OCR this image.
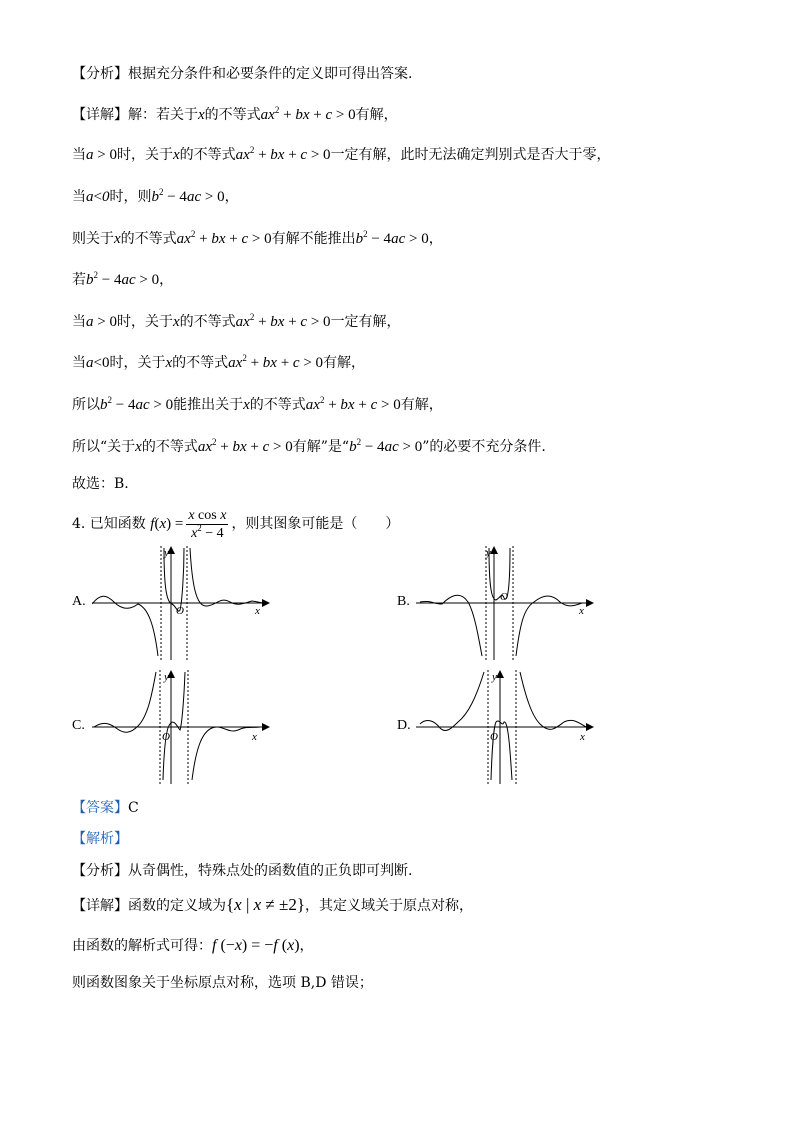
【分析】根据充分条件和必要条件的定义即可得出答案.
【详解】解：若关于x的不等式$ax^2$ + bx + c > 0有解，
当a > 0时，关于x的不等式$ax^2$ + bx + c > 0一定有解，此时无法确定判别式是否大于零，
当a<0时，则$b^2 - 4ac > 0$，
则关于x的不等式$ax^2$ + bx + c > 0有解不能推出$b^2 - 4ac > 0$，
若$b^2 - 4ac > 0$，
当a > 0时，关于x的不等式$ax^2$ + bx + c > 0一定有解，
当a<0时，关于x的不等式$ax^2$ + bx + c > 0有解，
所以$b^2 - 4ac > 0$能推出关于x的不等式$ax^2$ + bx + c > 0有解，
所以“关于x的不等式$ax^2$ + bx + c > 0有解”是“$b^2 - 4ac > 0$”的必要不充分条件.
故选：B.
4. 已知函数 $f(x) = \frac{\text{x cos x}}{x^2 - 4}$ ，则其图象可能是（　　）
A.	B.
C.	D.
y
O	x
y
O
x
y
O	x
y
O	x
【答案】C
【解析】
【分析】从奇偶性，特殊点处的函数值的正负即可判断.
【详解】函数的定义域为{x | x ≠ ±2}，其定义域关于原点对称，
由函数的解析式可得：f (−x) = −f (x)，
则函数图象关于坐标原点对称，选项 B,D 错误；
